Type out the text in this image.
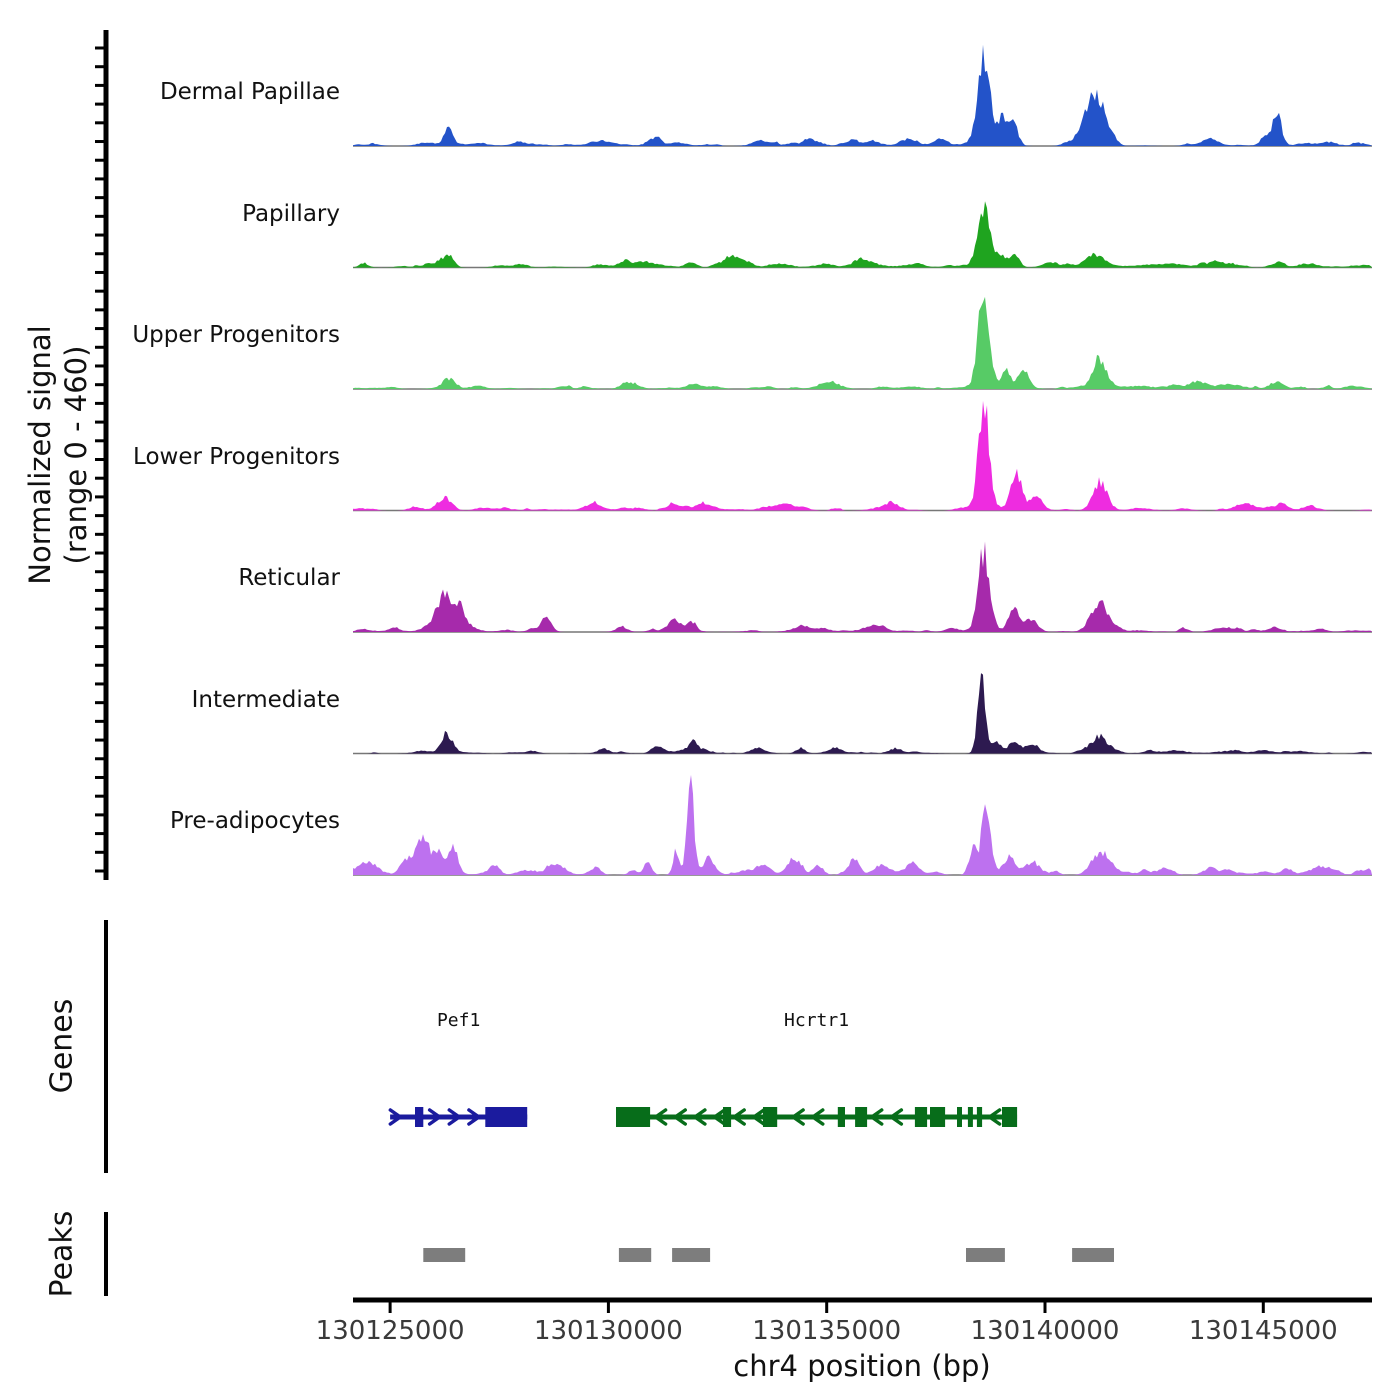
Normalized signal (range 0 - 460)
Genes
Peaks
chr4 position (bp)
Dermal Papillae
Papillary
Upper Progenitors
Lower Progenitors
Reticular
Intermediate
Pre-adipocytes
Pef1	Hcrtr1
130125000	130130000	130135000	130140000	130145000
